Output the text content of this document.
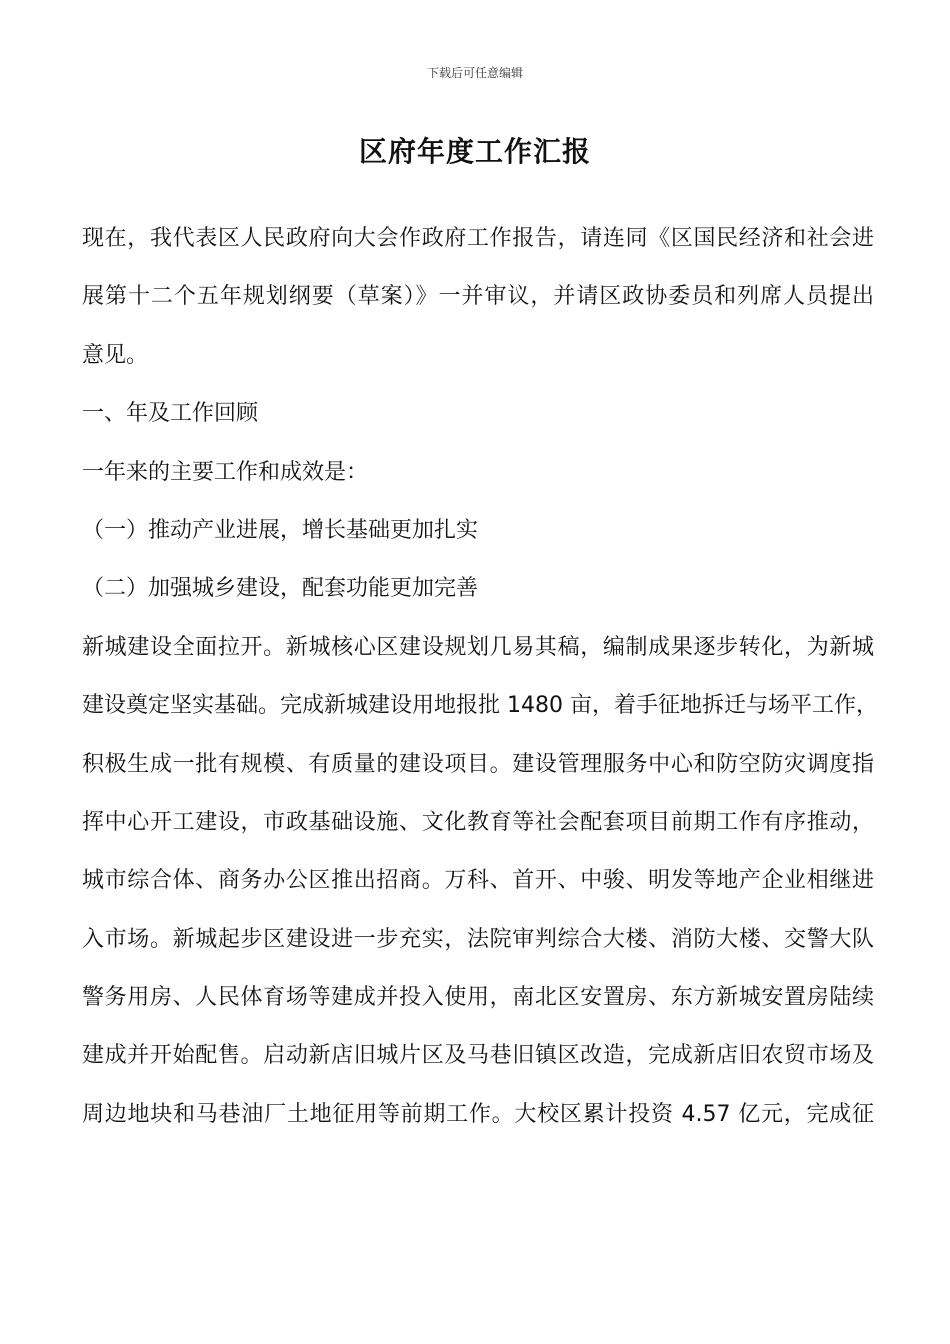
下载后可任意编辑
区府年度工作汇报
现在，我代表区人民政府向大会作政府工作报告，请连同《区国民经济和社会进
展第十二个五年规划纲要（草案）》一并审议，并请区政协委员和列席人员提出
意见。
一、年及工作回顾
一年来的主要工作和成效是：
（一）推动产业进展，增长基础更加扎实
（二）加强城乡建设，配套功能更加完善
新城建设全面拉开。新城核心区建设规划几易其稿，编制成果逐步转化，为新城
建设奠定坚实基础。完成新城建设用地报批 1480 亩，着手征地拆迁与场平工作，
积极生成一批有规模、有质量的建设项目。建设管理服务中心和防空防灾调度指
挥中心开工建设，市政基础设施、文化教育等社会配套项目前期工作有序推动，
城市综合体、商务办公区推出招商。万科、首开、中骏、明发等地产企业相继进
入市场。新城起步区建设进一步充实，法院审判综合大楼、消防大楼、交警大队
警务用房、人民体育场等建成并投入使用，南北区安置房、东方新城安置房陆续
建成并开始配售。启动新店旧城片区及马巷旧镇区改造，完成新店旧农贸市场及
周边地块和马巷油厂土地征用等前期工作。大校区累计投资 4.57 亿元，完成征
